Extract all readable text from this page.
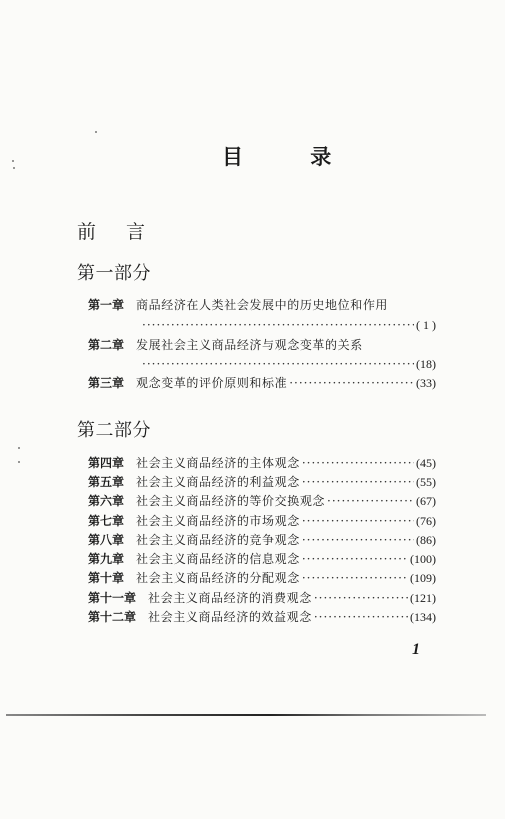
目 录
前 言
第一部分
第一章 商品经济在人类社会发展中的历史地位和作用
·····
( 1 )
第二章 发展社会主义商品经济与观念变革的关系
·····
(18)
第三章 观念变革的评价原则和标准 ·····	(33)
第二部分
第四章 社会主义商品经济的主体观念 ·····	(45)
第五章 社会主义商品经济的利益观念 ·····	(55)
第六章 社会主义商品经济的等价交换观念 ·····	(67)
第七章 社会主义商品经济的市场观念 ·····	(76)
第八章 社会主义商品经济的竞争观念 ·····	(86)
第九章 社会主义商品经济的信息观念 ·····	(100)
第十章 社会主义商品经济的分配观念 ·····	(109)
第十一章 社会主义商品经济的消费观念 ·····	(121)
第十二章 社会主义商品经济的效益观念 ·····	(134)
1
